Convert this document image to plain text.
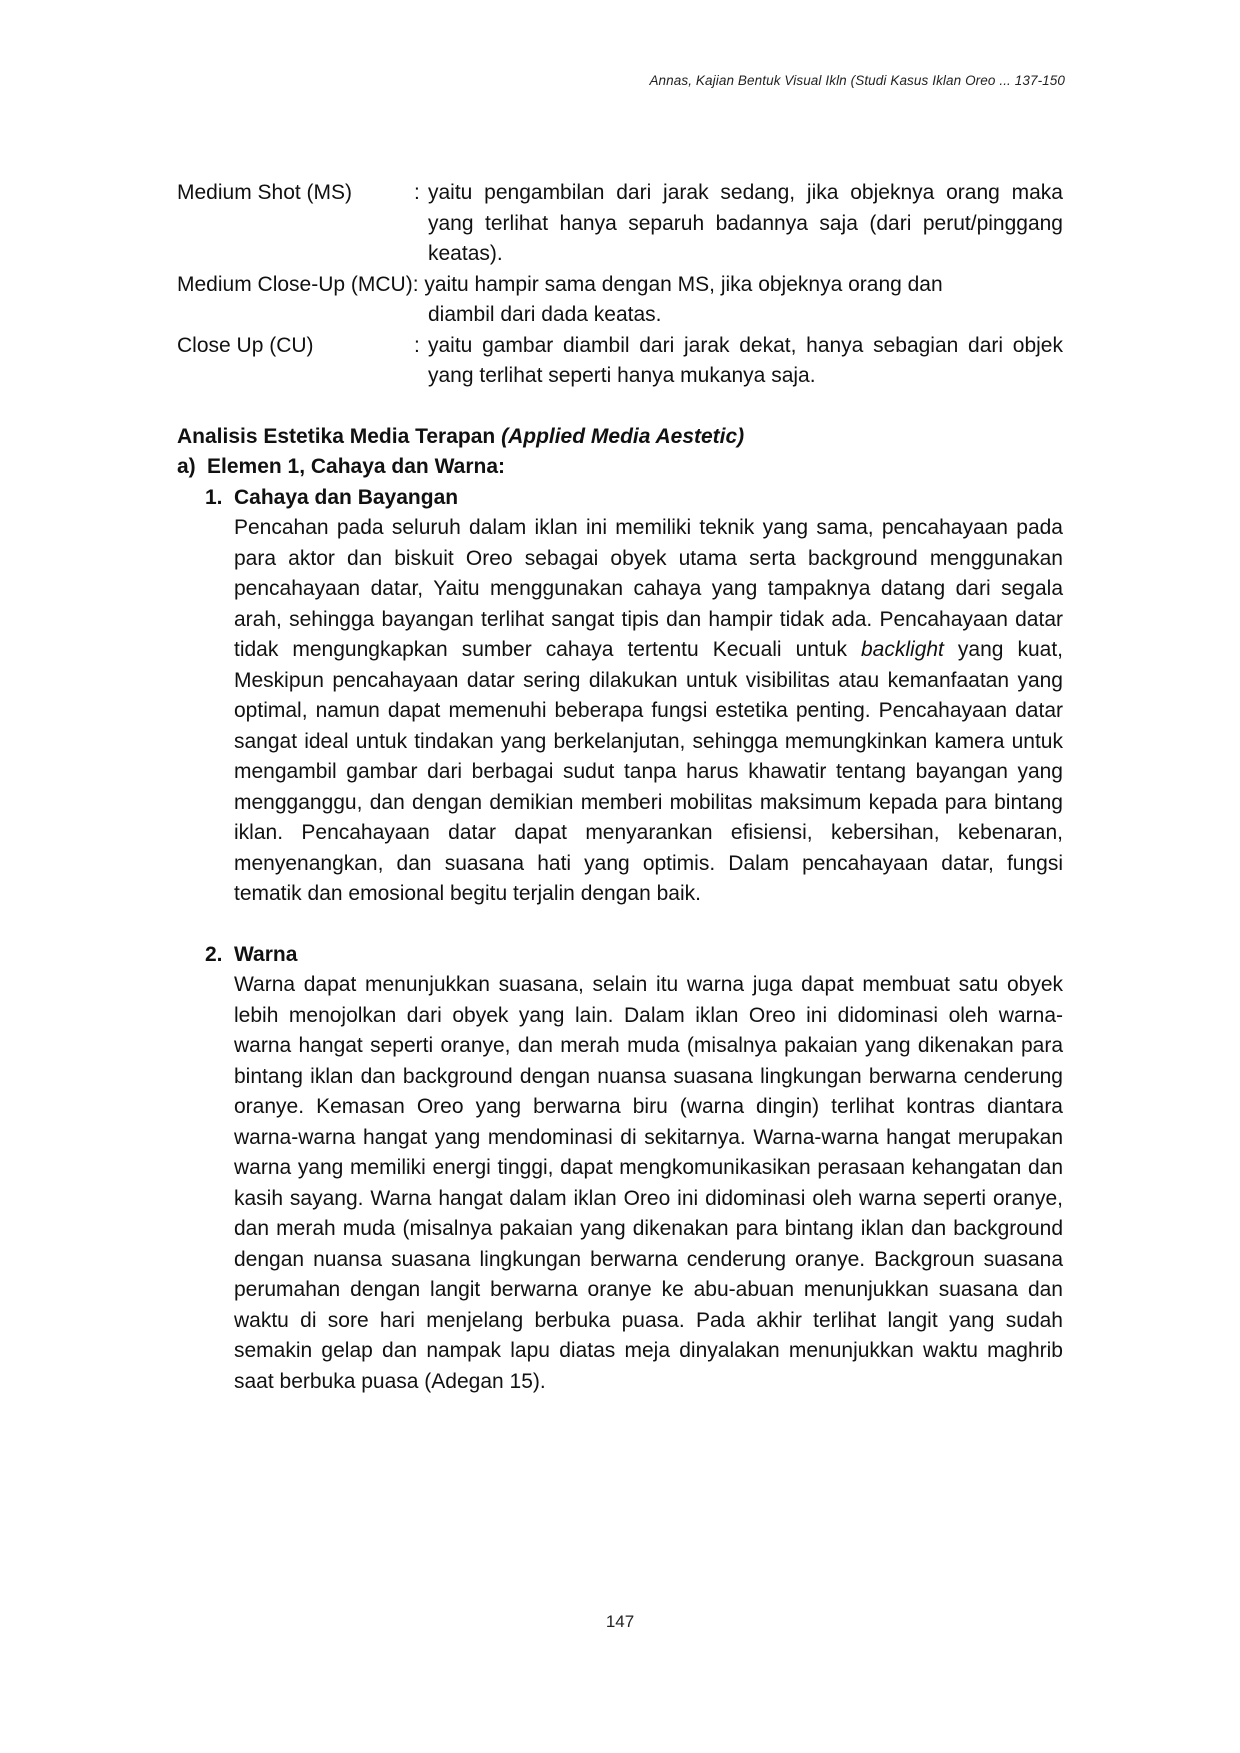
Annas, Kajian Bentuk Visual Ikln (Studi Kasus Iklan Oreo ... 137-150
Medium Shot (MS)	: yaitu pengambilan dari jarak sedang, jika objeknya orang maka yang terlihat hanya separuh badannya saja (dari perut/pinggang keatas).
Medium Close-Up (MCU): yaitu hampir sama dengan MS, jika objeknya orang dan
diambil dari dada keatas.
Close Up (CU)	: yaitu gambar diambil dari jarak dekat, hanya sebagian dari objek yang terlihat seperti hanya mukanya saja.
Analisis Estetika Media Terapan (Applied Media Aestetic)
a) Elemen 1, Cahaya dan Warna:
1. Cahaya dan Bayangan
Pencahan pada seluruh dalam iklan ini memiliki teknik yang sama, pencahayaan pada para aktor dan biskuit Oreo sebagai obyek utama serta background menggunakan pencahayaan datar, Yaitu menggunakan cahaya yang tampaknya datang dari segala arah, sehingga bayangan terlihat sangat tipis dan hampir tidak ada. Pencahayaan datar tidak mengungkapkan sumber cahaya tertentu Kecuali untuk backlight yang kuat, Meskipun pencahayaan datar sering dilakukan untuk visibilitas atau kemanfaatan yang optimal, namun dapat memenuhi beberapa fungsi estetika penting. Pencahayaan datar sangat ideal untuk tindakan yang berkelanjutan, sehingga memungkinkan kamera untuk mengambil gambar dari berbagai sudut tanpa harus khawatir tentang bayangan yang mengganggu, dan dengan demikian memberi mobilitas maksimum kepada para bintang iklan. Pencahayaan datar dapat menyarankan efisiensi, kebersihan, kebenaran, menyenangkan, dan suasana hati yang optimis. Dalam pencahayaan datar, fungsi tematik dan emosional begitu terjalin dengan baik.
2. Warna
Warna dapat menunjukkan suasana, selain itu warna juga dapat membuat satu obyek lebih menojolkan dari obyek yang lain. Dalam iklan Oreo ini didominasi oleh warna-warna hangat seperti oranye, dan merah muda (misalnya pakaian yang dikenakan para bintang iklan dan background dengan nuansa suasana lingkungan berwarna cenderung oranye. Kemasan Oreo yang berwarna biru (warna dingin) terlihat kontras diantara warna-warna hangat yang mendominasi di sekitarnya. Warna-warna hangat merupakan warna yang memiliki energi tinggi, dapat mengkomunikasikan perasaan kehangatan dan kasih sayang. Warna hangat dalam iklan Oreo ini didominasi oleh warna seperti oranye, dan merah muda (misalnya pakaian yang dikenakan para bintang iklan dan background dengan nuansa suasana lingkungan berwarna cenderung oranye. Backgroun suasana perumahan dengan langit berwarna oranye ke abu-abuan menunjukkan suasana dan waktu di sore hari menjelang berbuka puasa. Pada akhir terlihat langit yang sudah semakin gelap dan nampak lapu diatas meja dinyalakan menunjukkan waktu maghrib saat berbuka puasa (Adegan 15).
147
